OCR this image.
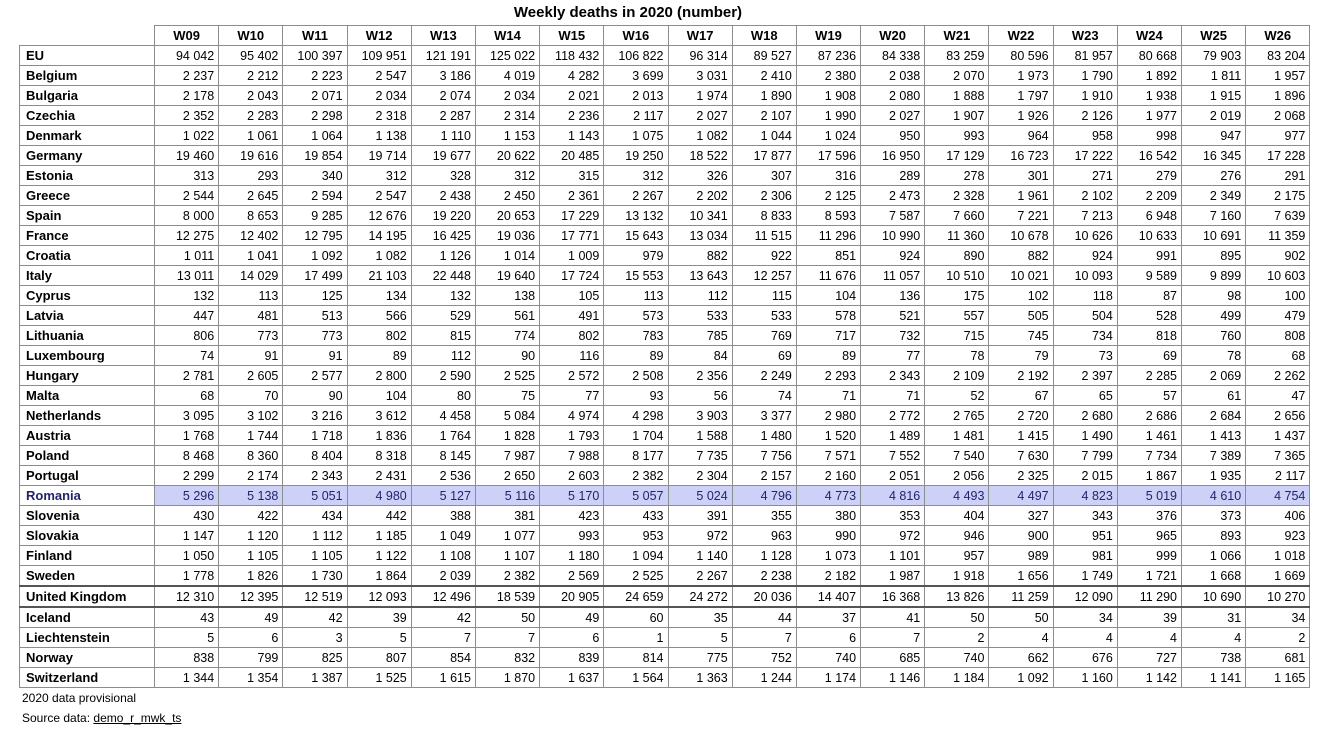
Weekly deaths in 2020 (number)
	W09	W10	W11	W12	W13	W14	W15	W16	W17	W18	W19	W20	W21	W22	W23	W24	W25	W26
EU	94 042	95 402	100 397	109 951	121 191	125 022	118 432	106 822	96 314	89 527	87 236	84 338	83 259	80 596	81 957	80 668	79 903	83 204
Belgium	2 237	2 212	2 223	2 547	3 186	4 019	4 282	3 699	3 031	2 410	2 380	2 038	2 070	1 973	1 790	1 892	1 811	1 957
Bulgaria	2 178	2 043	2 071	2 034	2 074	2 034	2 021	2 013	1 974	1 890	1 908	2 080	1 888	1 797	1 910	1 938	1 915	1 896
Czechia	2 352	2 283	2 298	2 318	2 287	2 314	2 236	2 117	2 027	2 107	1 990	2 027	1 907	1 926	2 126	1 977	2 019	2 068
Denmark	1 022	1 061	1 064	1 138	1 110	1 153	1 143	1 075	1 082	1 044	1 024	950	993	964	958	998	947	977
Germany	19 460	19 616	19 854	19 714	19 677	20 622	20 485	19 250	18 522	17 877	17 596	16 950	17 129	16 723	17 222	16 542	16 345	17 228
Estonia	313	293	340	312	328	312	315	312	326	307	316	289	278	301	271	279	276	291
Greece	2 544	2 645	2 594	2 547	2 438	2 450	2 361	2 267	2 202	2 306	2 125	2 473	2 328	1 961	2 102	2 209	2 349	2 175
Spain	8 000	8 653	9 285	12 676	19 220	20 653	17 229	13 132	10 341	8 833	8 593	7 587	7 660	7 221	7 213	6 948	7 160	7 639
France	12 275	12 402	12 795	14 195	16 425	19 036	17 771	15 643	13 034	11 515	11 296	10 990	11 360	10 678	10 626	10 633	10 691	11 359
Croatia	1 011	1 041	1 092	1 082	1 126	1 014	1 009	979	882	922	851	924	890	882	924	991	895	902
Italy	13 011	14 029	17 499	21 103	22 448	19 640	17 724	15 553	13 643	12 257	11 676	11 057	10 510	10 021	10 093	9 589	9 899	10 603
Cyprus	132	113	125	134	132	138	105	113	112	115	104	136	175	102	118	87	98	100
Latvia	447	481	513	566	529	561	491	573	533	533	578	521	557	505	504	528	499	479
Lithuania	806	773	773	802	815	774	802	783	785	769	717	732	715	745	734	818	760	808
Luxembourg	74	91	91	89	112	90	116	89	84	69	89	77	78	79	73	69	78	68
Hungary	2 781	2 605	2 577	2 800	2 590	2 525	2 572	2 508	2 356	2 249	2 293	2 343	2 109	2 192	2 397	2 285	2 069	2 262
Malta	68	70	90	104	80	75	77	93	56	74	71	71	52	67	65	57	61	47
Netherlands	3 095	3 102	3 216	3 612	4 458	5 084	4 974	4 298	3 903	3 377	2 980	2 772	2 765	2 720	2 680	2 686	2 684	2 656
Austria	1 768	1 744	1 718	1 836	1 764	1 828	1 793	1 704	1 588	1 480	1 520	1 489	1 481	1 415	1 490	1 461	1 413	1 437
Poland	8 468	8 360	8 404	8 318	8 145	7 987	7 988	8 177	7 735	7 756	7 571	7 552	7 540	7 630	7 799	7 734	7 389	7 365
Portugal	2 299	2 174	2 343	2 431	2 536	2 650	2 603	2 382	2 304	2 157	2 160	2 051	2 056	2 325	2 015	1 867	1 935	2 117
Romania	5 296	5 138	5 051	4 980	5 127	5 116	5 170	5 057	5 024	4 796	4 773	4 816	4 493	4 497	4 823	5 019	4 610	4 754
Slovenia	430	422	434	442	388	381	423	433	391	355	380	353	404	327	343	376	373	406
Slovakia	1 147	1 120	1 112	1 185	1 049	1 077	993	953	972	963	990	972	946	900	951	965	893	923
Finland	1 050	1 105	1 105	1 122	1 108	1 107	1 180	1 094	1 140	1 128	1 073	1 101	957	989	981	999	1 066	1 018
Sweden	1 778	1 826	1 730	1 864	2 039	2 382	2 569	2 525	2 267	2 238	2 182	1 987	1 918	1 656	1 749	1 721	1 668	1 669
United Kingdom	12 310	12 395	12 519	12 093	12 496	18 539	20 905	24 659	24 272	20 036	14 407	16 368	13 826	11 259	12 090	11 290	10 690	10 270
Iceland	43	49	42	39	42	50	49	60	35	44	37	41	50	50	34	39	31	34
Liechtenstein	5	6	3	5	7	7	6	1	5	7	6	7	2	4	4	4	4	2
Norway	838	799	825	807	854	832	839	814	775	752	740	685	740	662	676	727	738	681
Switzerland	1 344	1 354	1 387	1 525	1 615	1 870	1 637	1 564	1 363	1 244	1 174	1 146	1 184	1 092	1 160	1 142	1 141	1 165
2020 data provisional
Source data: demo_r_mwk_ts
